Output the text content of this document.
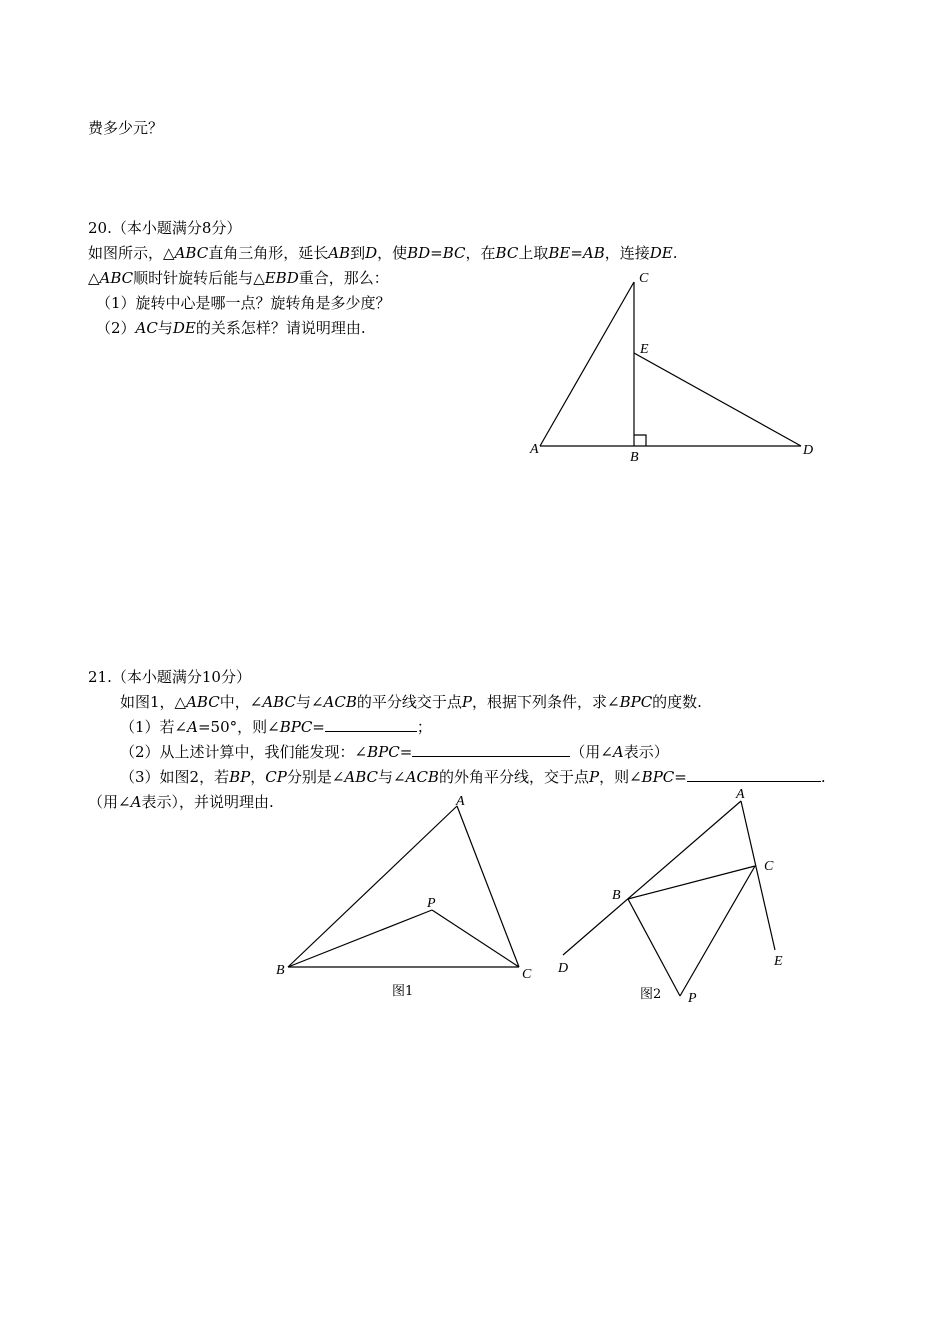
费多少元？
20.（本小题满分8分）
如图所示，△ABC直角三角形，延长AB到D，使BD=BC，在BC上取BE=AB，连接DE.
△ABC顺时针旋转后能与△EBD重合，那么：
（1）旋转中心是哪一点？旋转角是多少度？
（2）AC与DE的关系怎样？请说明理由.
C
E
A
B	D
21.（本小题满分10分）
如图1，△ABC中，∠ABC与∠ACB的平分线交于点P，根据下列条件，求∠BPC的度数.
（1）若∠A=50°，则∠BPC=	；
（2）从上述计算中，我们能发现：∠BPC=	（用∠A表示）
（3）如图2，若BP，CP分别是∠ABC与∠ACB的外角平分线，交于点P，则∠BPC=	.
（用∠A表示），并说明理由.	A
P
B	C
图1
A
C
B
D	E
P
图2
